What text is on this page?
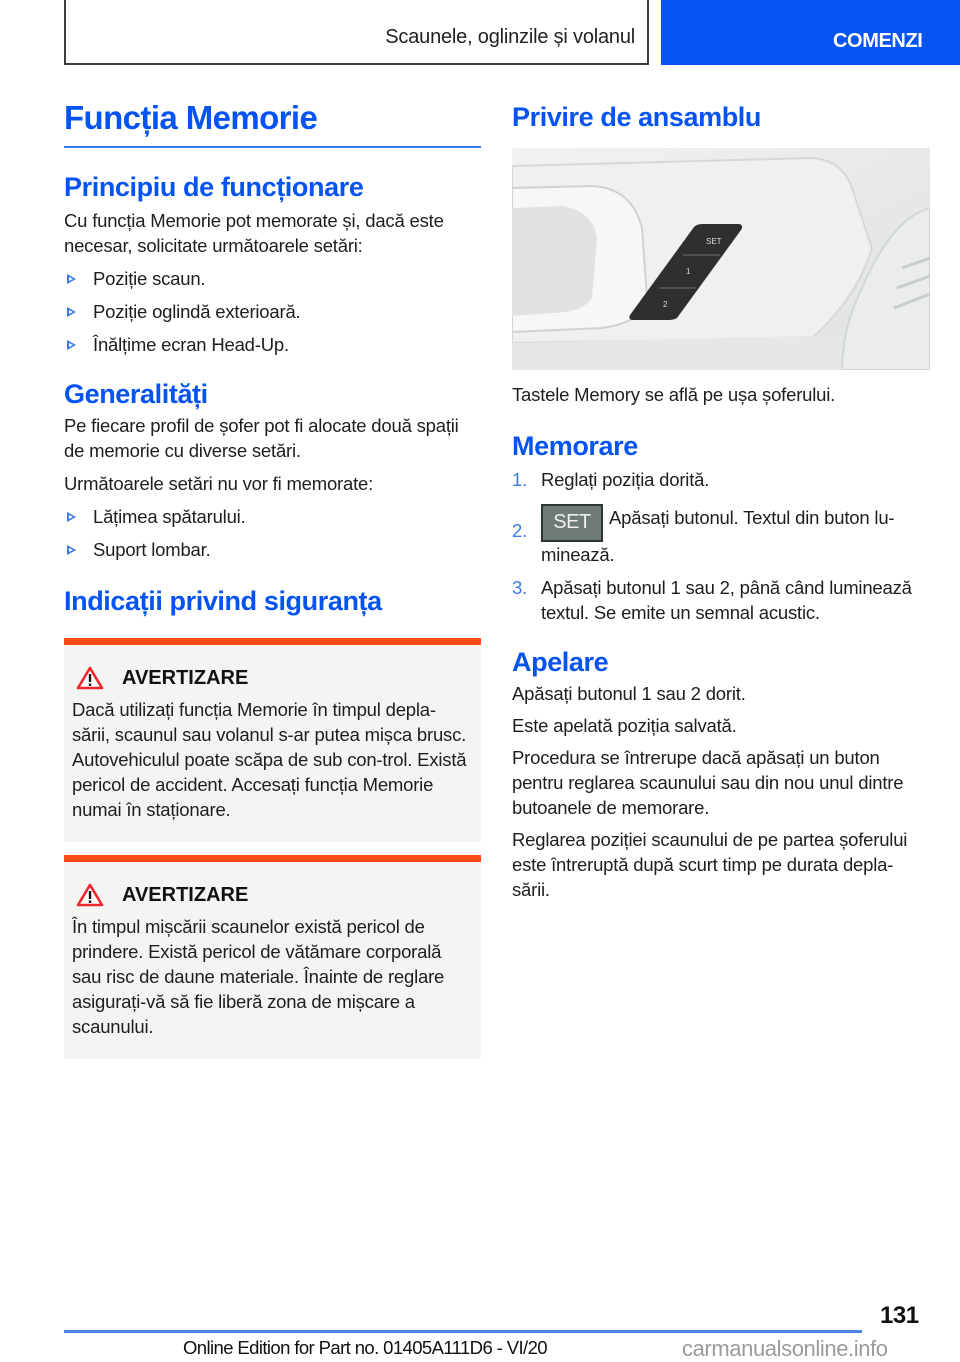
Scaunele, oglinzile și volanul	COMENZI
Funcția Memorie
Principiu de funcționare

Cu funcția Memorie pot memorate și, dacă este necesar, solicitate următoarele setări:

Poziție scaun.
Poziție oglindă exterioară.
Înălțime ecran Head-Up.
Generalități

Pe fiecare profil de șofer pot fi alocate două spații de memorie cu diverse setări.

Următoarele setări nu vor fi memorate:

Lățimea spătarului.
Suport lombar.
Indicații privind siguranța
AVERTIZARE

Dacă utilizați funcția Memorie în timpul depla-sării, scaunul sau volanul s-ar putea mișca brusc. Autovehiculul poate scăpa de sub con-trol. Există pericol de accident. Accesați funcția Memorie numai în staționare.

AVERTIZARE

În timpul mișcării scaunelor există pericol de prindere. Există pericol de vătămare corporală sau risc de daune materiale. Înainte de reglare asigurați-vă să fie liberă zona de mișcare a scaunului.

Privire de ansamblu
SET
1
2

Tastele Memory se află pe ușa șoferului.

Memorare
1. Reglați poziția dorită.
2. SET Apăsați butonul. Textul din buton lu-minează.
3. Apăsați butonul 1 sau 2, până când luminează textul. Se emite un semnal acustic.
Apelare

Apăsați butonul 1 sau 2 dorit.

Este apelată poziția salvată.

Procedura se întrerupe dacă apăsați un buton pentru reglarea scaunului sau din nou unul dintre butoanele de memorare.

Reglarea poziției scaunului de pe partea șoferului este întreruptă după scurt timp pe durata depla-sării.

131
Online Edition for Part no. 01405A111D6 - VI/20	carmanualsonline.info
